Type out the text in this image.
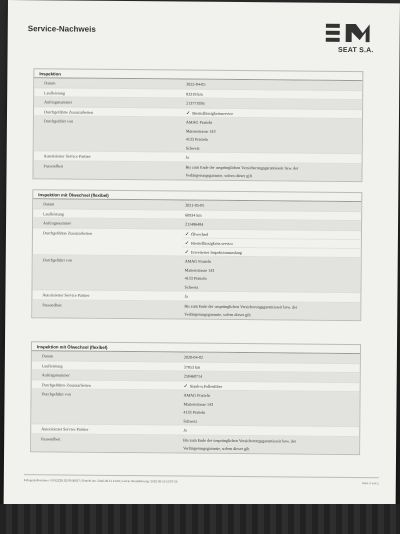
Service-Nachweis
SEAT S.A.
Inspektion
Datum	2022-04-05
Laufleistung	83319 km
Auftragsnummer	213771936
Durchgeführte Zusatzarbeiten	✓ Bremsflüssigkeitsservice
Durchgeführt von	AMAG Pratteln
Mattenstrasse 143
4133 Pratteln
Schweiz
Autorisierter Service Partner	Ja
Passendheit	Bis zum Ende der ursprünglichen Versicherungsgarantiezeit bzw. der
Verlängerungsgarantie, sofern dieser gilt
Inspektion mit Ölwechsel (flexibel)
Datum	2021-05-05
Laufleistung	60934 km
Auftragsnummer	211486484
Durchgeführte Zusatzarbeiten	✓ Ölwechsel
✓ Bremsflüssigkeits service
✓ Erweiterter Inspektionsumfang
Durchgeführt von	AMAG Pratteln
Mattenstrasse 143
4133 Pratteln
Schweiz
Autorisierter Service Partner	Ja
Passendheit	Bis zum Ende der ursprünglichen Versicherungsgarantiezeit bzw. der
Verlängerungsgarantie, sofern dieser gilt
Inspektion mit Ölwechsel (flexibel)
Datum	2020-04-02
Laufleistung	37053 km
Auftragsnummer	250460714
Durchgeführte Zusatzarbeiten	✓ Staub-u.Pollenfilter
Durchgeführt von	AMAG Pratteln
Mattenstrasse 143
4133 Pratteln
Schweiz
Autorisierter Service Partner	Ja
Passendheit	Bis zum Ende der ursprünglichen Versicherungsgarantiezeit bzw. der
Verlängerungsgarantie, sofern dieser gilt
Fahrgestellnummer: VSSZZZKJZLR036527 | Erstellt am: 2022-05-11 11:09 | Letzte Aktualisierung: 2022-05-10 10:57:26	Seite 1 von 1
